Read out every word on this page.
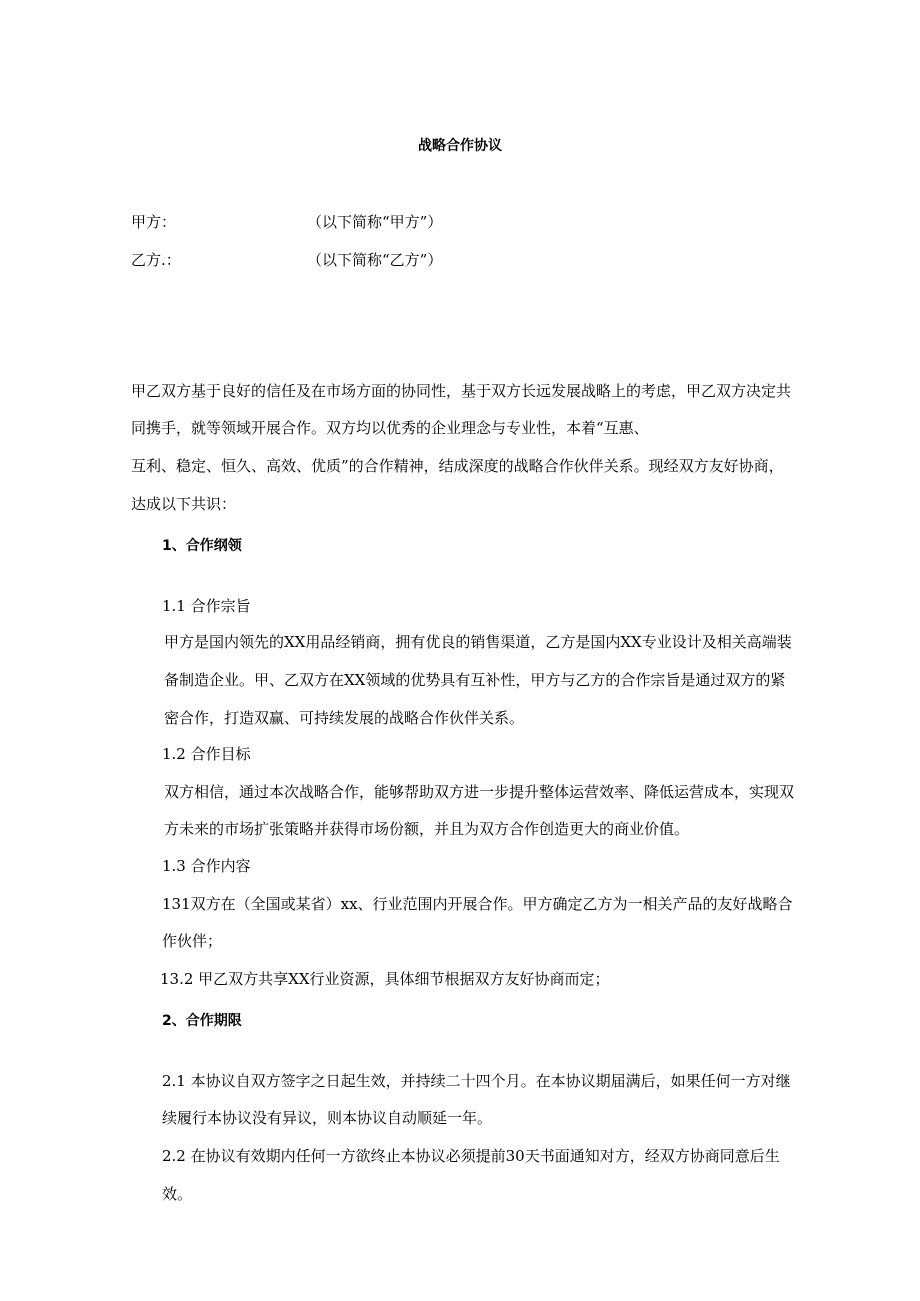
战略合作协议
甲方：	（以下简称“甲方”）
乙方.：	（以下简称“乙方”）
甲乙双方基于良好的信任及在市场方面的协同性，基于双方长远发展战略上的考虑，甲乙双方决定共
同携手，就等领域开展合作。双方均以优秀的企业理念与专业性，本着“互惠、
互利、稳定、恒久、高效、优质”的合作精神，结成深度的战略合作伙伴关系。现经双方友好协商，
达成以下共识：
1、合作纲领
1.1 合作宗旨
甲方是国内领先的XX用品经销商，拥有优良的销售渠道，乙方是国内XX专业设计及相关高端装
备制造企业。甲、乙双方在XX领域的优势具有互补性，甲方与乙方的合作宗旨是通过双方的紧
密合作，打造双赢、可持续发展的战略合作伙伴关系。
1.2 合作目标
双方相信，通过本次战略合作，能够帮助双方进一步提升整体运营效率、降低运营成本，实现双
方未来的市场扩张策略并获得市场份额，并且为双方合作创造更大的商业价值。
1.3 合作内容
131双方在（全国或某省）xx、行业范围内开展合作。甲方确定乙方为一相关产品的友好战略合
作伙伴；
13.2 甲乙双方共享XX行业资源，具体细节根据双方友好协商而定；
2、合作期限
2.1 本协议自双方签字之日起生效，并持续二十四个月。在本协议期届满后，如果任何一方对继
续履行本协议没有异议，则本协议自动顺延一年。
2.2 在协议有效期内任何一方欲终止本协议必须提前30天书面通知对方，经双方协商同意后生
效。
